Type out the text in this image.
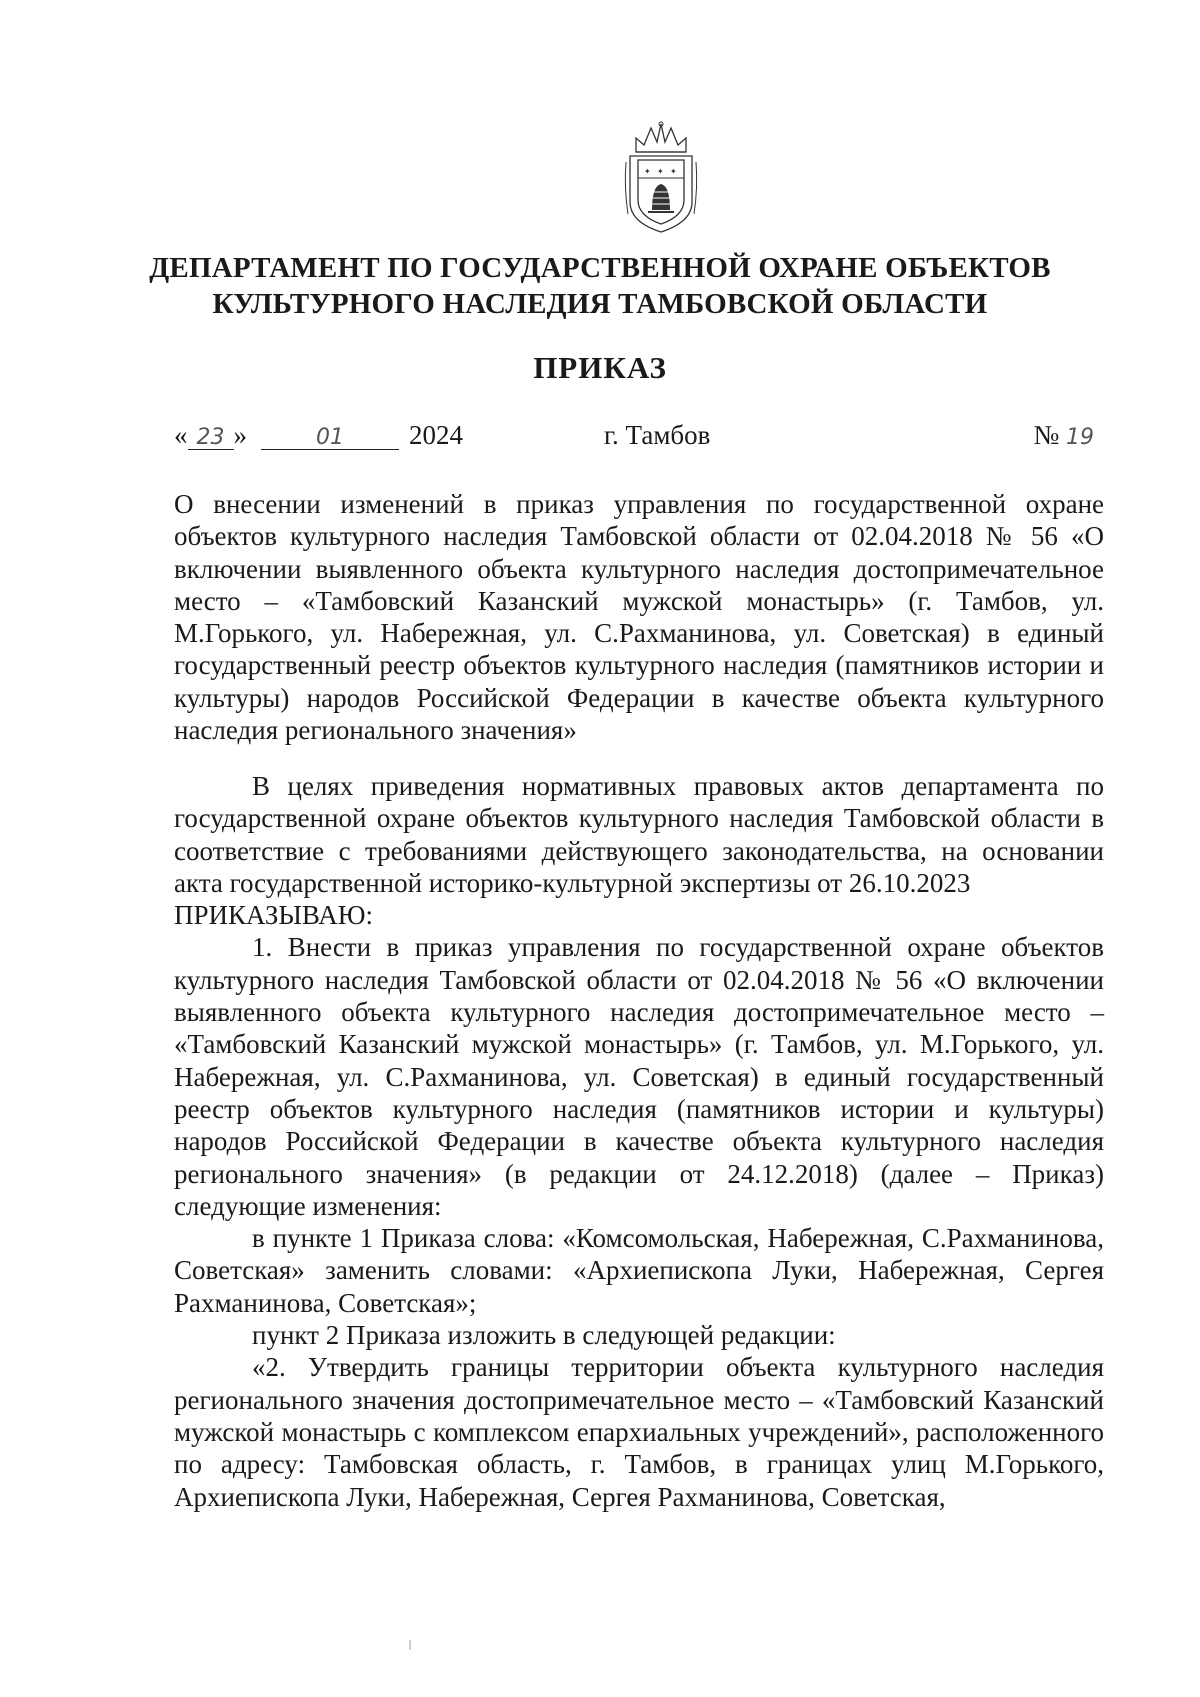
✦ ✦ ✦
ДЕПАРТАМЕНТ ПО ГОСУДАРСТВЕННОЙ ОХРАНЕ ОБЪЕКТОВ
КУЛЬТУРНОГО НАСЛЕДИЯ ТАМБОВСКОЙ ОБЛАСТИ
ПРИКАЗ
« 23 »	01 2024	г. Тамбов	№ 19
О внесении изменений в приказ управления по государственной охране объектов культурного наследия Тамбовской области от 02.04.2018 № 56 «О включении выявленного объекта культурного наследия достопримечательное место – «Тамбовский Казанский мужской монастырь» (г. Тамбов, ул. М.Горького, ул. Набережная, ул. С.Рахманинова, ул. Советская) в единый государственный реестр объектов культурного наследия (памятников истории и культуры) народов Российской Федерации в качестве объекта культурного наследия регионального значения»

В целях приведения нормативных правовых актов департамента по государственной охране объектов культурного наследия Тамбовской области в соответствие с требованиями действующего законодательства, на основании акта государственной историко-культурной экспертизы от 26.10.2023

ПРИКАЗЫВАЮ:

1. Внести в приказ управления по государственной охране объектов культурного наследия Тамбовской области от 02.04.2018 № 56 «О включении выявленного объекта культурного наследия достопримечательное место – «Тамбовский Казанский мужской монастырь» (г. Тамбов, ул. М.Горького, ул. Набережная, ул. С.Рахманинова, ул. Советская) в единый государственный реестр объектов культурного наследия (памятников истории и культуры) народов Российской Федерации в качестве объекта культурного наследия регионального значения» (в редакции от 24.12.2018) (далее – Приказ) следующие изменения:

в пункте 1 Приказа слова: «Комсомольская, Набережная, С.Рахманинова, Советская» заменить словами: «Архиепископа Луки, Набережная, Сергея Рахманинова, Советская»;

пункт 2 Приказа изложить в следующей редакции:

«2. Утвердить границы территории объекта культурного наследия регионального значения достопримечательное место – «Тамбовский Казанский мужской монастырь с комплексом епархиальных учреждений», расположенного по адресу: Тамбовская область, г. Тамбов, в границах улиц М.Горького, Архиепископа Луки, Набережная, Сергея Рахманинова, Советская,
